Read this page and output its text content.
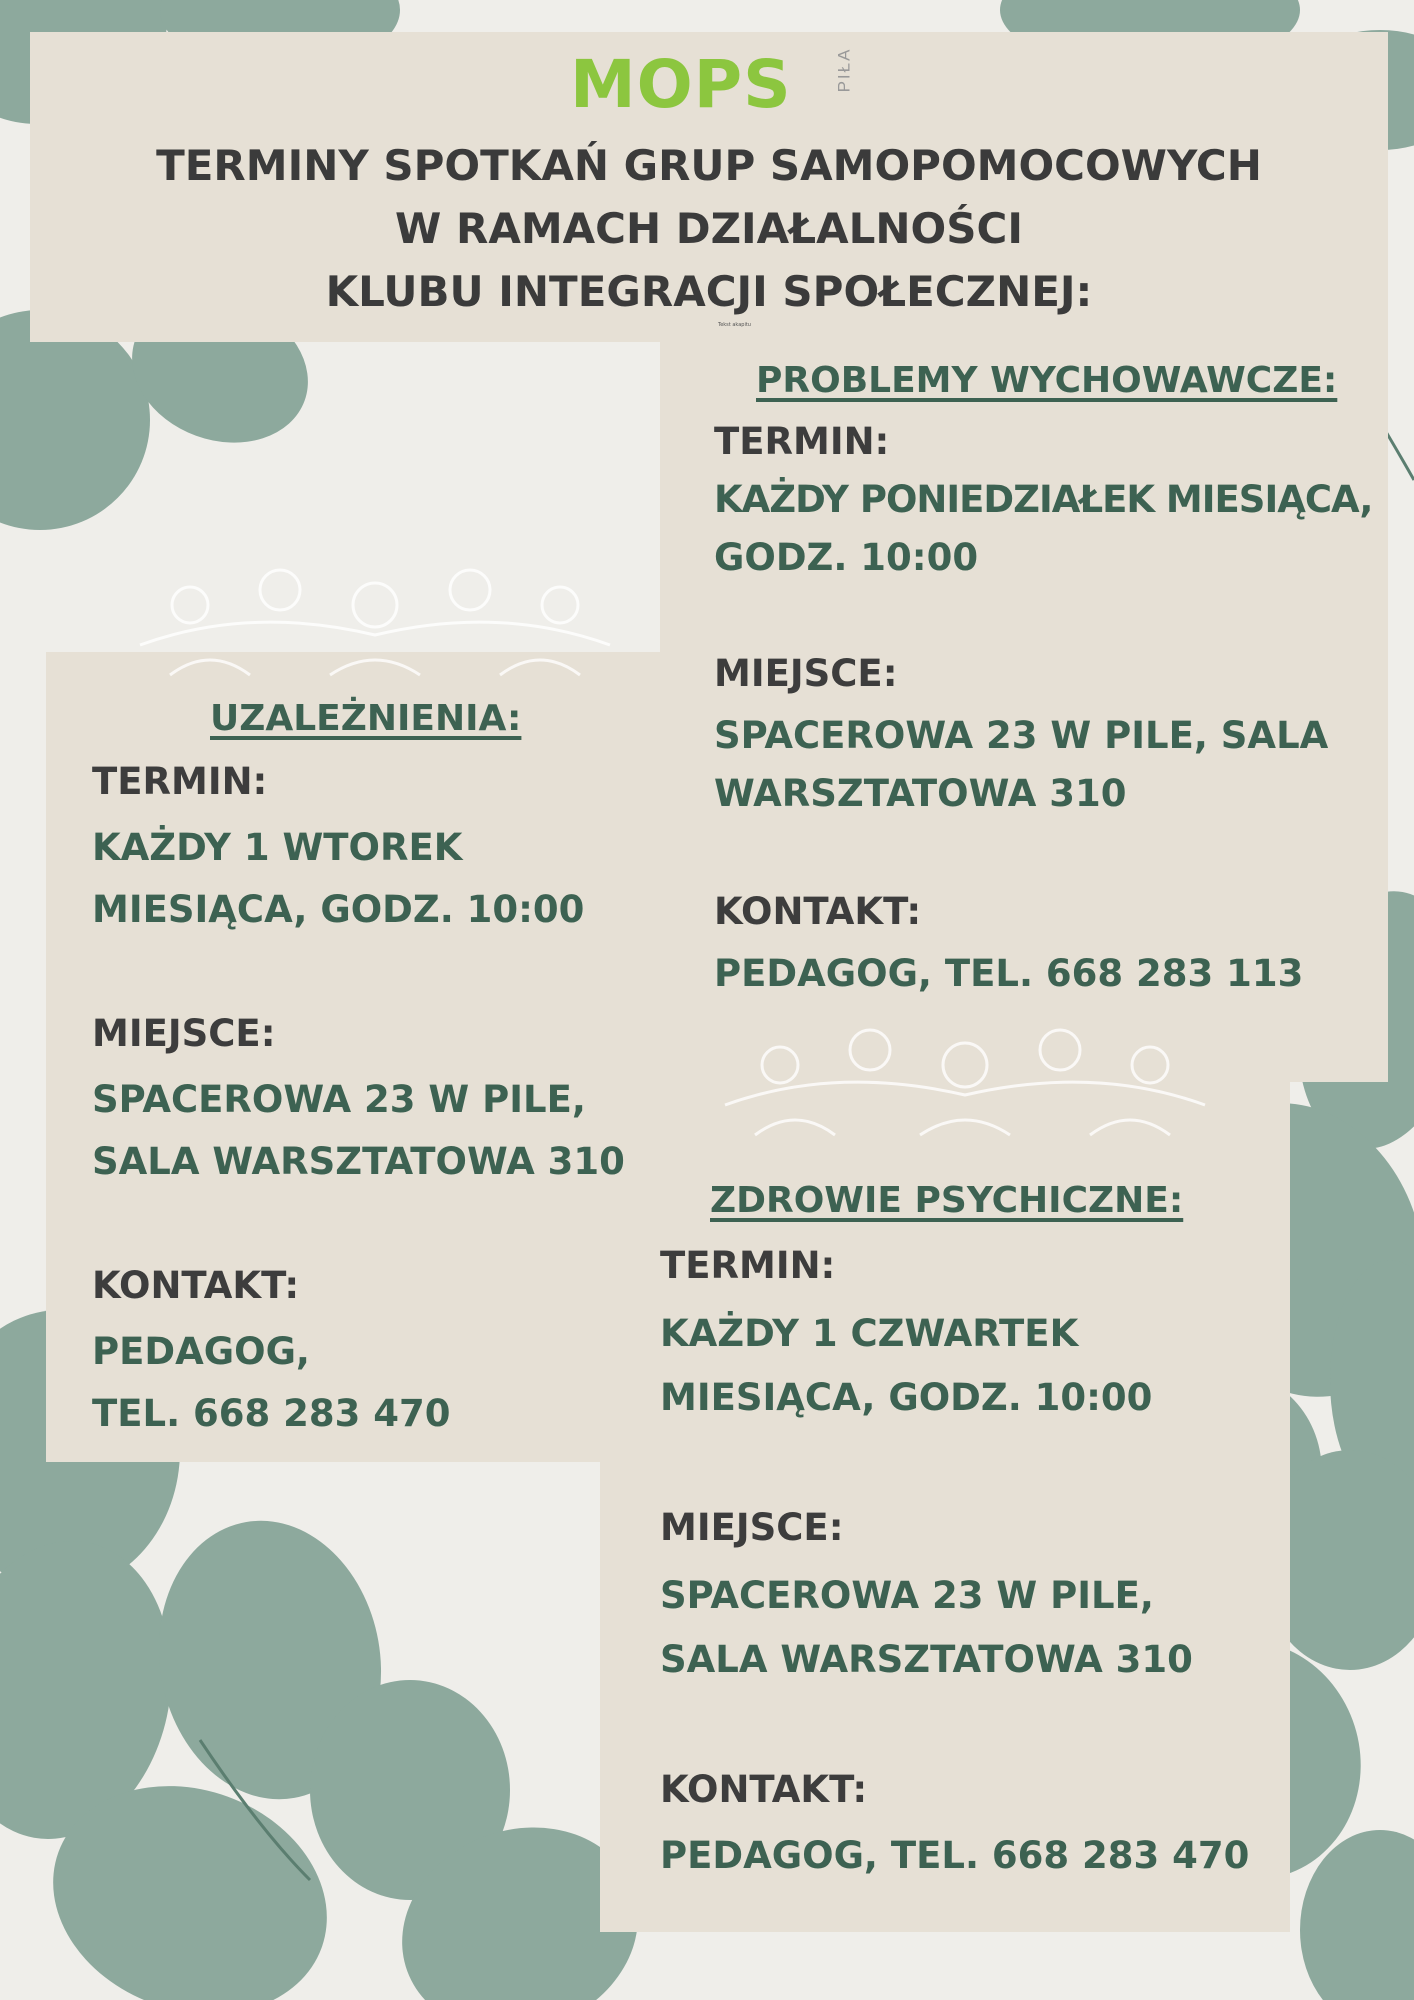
MOPS	PIŁA
TERMINY SPOTKAŃ GRUP SAMOPOMOCOWYCH
W RAMACH DZIAŁALNOŚCI
KLUBU INTEGRACJI SPOŁECZNEJ:
Tekst akapitu
PROBLEMY WYCHOWAWCZE:
TERMIN:
KAŻDY PONIEDZIAŁEK MIESIĄCA,
GODZ. 10:00
MIEJSCE:
SPACEROWA 23 W PILE, SALA
WARSZTATOWA 310
KONTAKT:
PEDAGOG, TEL. 668 283 113
UZALEŻNIENIA:
TERMIN:
KAŻDY 1 WTOREK
MIESIĄCA, GODZ. 10:00
MIEJSCE:
SPACEROWA 23 W PILE,
SALA WARSZTATOWA 310
KONTAKT:
PEDAGOG,
TEL. 668 283 470
ZDROWIE PSYCHICZNE:
TERMIN:
KAŻDY 1 CZWARTEK
MIESIĄCA, GODZ. 10:00
MIEJSCE:
SPACEROWA 23 W PILE,
SALA WARSZTATOWA 310
KONTAKT:
PEDAGOG, TEL. 668 283 470
